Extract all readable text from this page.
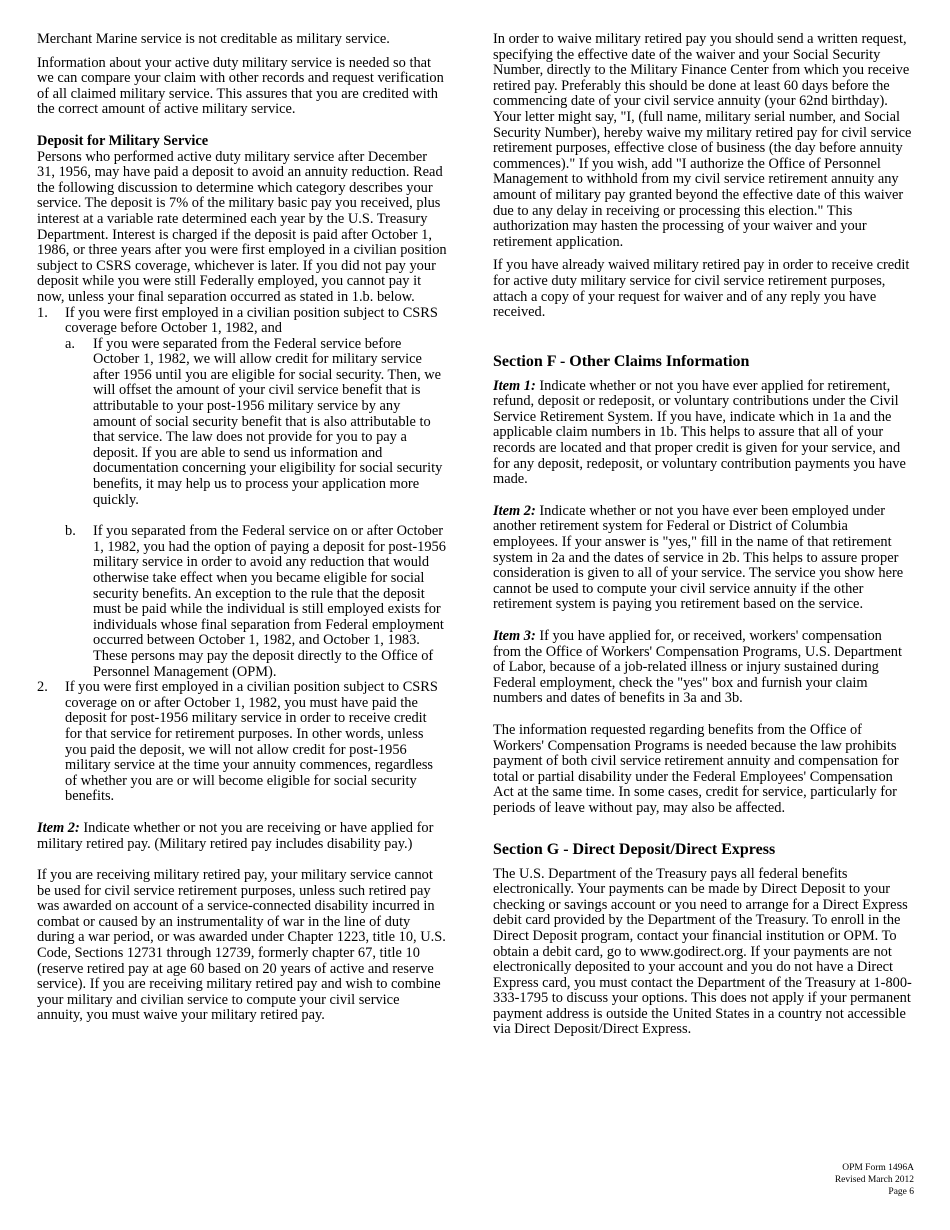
Merchant Marine service is not creditable as military service.

Information about your active duty military service is needed so that we can compare your claim with other records and request verification of all claimed military service. This assures that you are credited with the correct amount of active military service.

Deposit for Military Service

Persons who performed active duty military service after December 31, 1956, may have paid a deposit to avoid an annuity reduction. Read the following discussion to determine which category describes your service. The deposit is 7% of the military basic pay you received, plus interest at a variable rate determined each year by the U.S. Treasury Department. Interest is charged if the deposit is paid after October 1, 1986, or three years after you were first employed in a civilian position subject to CSRS coverage, whichever is later. If you did not pay your deposit while you were still Federally employed, you cannot pay it now, unless your final separation occurred as stated in 1.b. below.

1. If you were first employed in a civilian position subject to CSRS coverage before October 1, 1982, and

a. If you were separated from the Federal service before October 1, 1982, we will allow credit for military service after 1956 until you are eligible for social security. Then, we will offset the amount of your civil service benefit that is attributable to your post-1956 military service by any amount of social security benefit that is also attributable to that service. The law does not provide for you to pay a deposit. If you are able to send us information and documentation concerning your eligibility for social security benefits, it may help us to process your application more quickly.

b. If you separated from the Federal service on or after October 1, 1982, you had the option of paying a deposit for post-1956 military service in order to avoid any reduction that would otherwise take effect when you became eligible for social security benefits. An exception to the rule that the deposit must be paid while the individual is still employed exists for individuals whose final separation from Federal employment occurred between October 1, 1982, and October 1, 1983. These persons may pay the deposit directly to the Office of Personnel Management (OPM).

2. If you were first employed in a civilian position subject to CSRS coverage on or after October 1, 1982, you must have paid the deposit for post-1956 military service in order to receive credit for that service for retirement purposes. In other words, unless you paid the deposit, we will not allow credit for post-1956 military service at the time your annuity commences, regardless of whether you are or will become eligible for social security benefits.

Item 2: Indicate whether or not you are receiving or have applied for military retired pay. (Military retired pay includes disability pay.)

If you are receiving military retired pay, your military service cannot be used for civil service retirement purposes, unless such retired pay was awarded on account of a service-connected disability incurred in combat or caused by an instrumentality of war in the line of duty during a war period, or was awarded under Chapter 1223, title 10, U.S. Code, Sections 12731 through 12739, formerly chapter 67, title 10 (reserve retired pay at age 60 based on 20 years of active and reserve service). If you are receiving military retired pay and wish to combine your military and civilian service to compute your civil service annuity, you must waive your military retired pay.

In order to waive military retired pay you should send a written request, specifying the effective date of the waiver and your Social Security Number, directly to the Military Finance Center from which you receive retired pay. Preferably this should be done at least 60 days before the commencing date of your civil service annuity (your 62nd birthday). Your letter might say, "I, (full name, military serial number, and Social Security Number), hereby waive my military retired pay for civil service retirement purposes, effective close of business (the day before annuity commences)." If you wish, add "I authorize the Office of Personnel Management to withhold from my civil service retirement annuity any amount of military pay granted beyond the effective date of this waiver due to any delay in receiving or processing this election." This authorization may hasten the processing of your waiver and your retirement application.

If you have already waived military retired pay in order to receive credit for active duty military service for civil service retirement purposes, attach a copy of your request for waiver and of any reply you have received.

Section F - Other Claims Information

Item 1: Indicate whether or not you have ever applied for retirement, refund, deposit or redeposit, or voluntary contributions under the Civil Service Retirement System. If you have, indicate which in 1a and the applicable claim numbers in 1b. This helps to assure that all of your records are located and that proper credit is given for your service, and for any deposit, redeposit, or voluntary contribution payments you have made.

Item 2: Indicate whether or not you have ever been employed under another retirement system for Federal or District of Columbia employees. If your answer is "yes," fill in the name of that retirement system in 2a and the dates of service in 2b. This helps to assure proper consideration is given to all of your service. The service you show here cannot be used to compute your civil service annuity if the other retirement system is paying you retirement based on the service.

Item 3: If you have applied for, or received, workers' compensation from the Office of Workers' Compensation Programs, U.S. Department of Labor, because of a job-related illness or injury sustained during Federal employment, check the "yes" box and furnish your claim numbers and dates of benefits in 3a and 3b.

The information requested regarding benefits from the Office of Workers' Compensation Programs is needed because the law prohibits payment of both civil service retirement annuity and compensation for total or partial disability under the Federal Employees' Compensation Act at the same time. In some cases, credit for service, particularly for periods of leave without pay, may also be affected.

Section G - Direct Deposit/Direct Express

The U.S. Department of the Treasury pays all federal benefits electronically. Your payments can be made by Direct Deposit to your checking or savings account or you need to arrange for a Direct Express debit card provided by the Department of the Treasury. To enroll in the Direct Deposit program, contact your financial institution or OPM. To obtain a debit card, go to www.godirect.org. If your payments are not electronically deposited to your account and you do not have a Direct Express card, you must contact the Department of the Treasury at 1-800-333-1795 to discuss your options. This does not apply if your permanent payment address is outside the United States in a country not accessible via Direct Deposit/Direct Express.

OPM Form 1496A
Revised March 2012
Page 6
